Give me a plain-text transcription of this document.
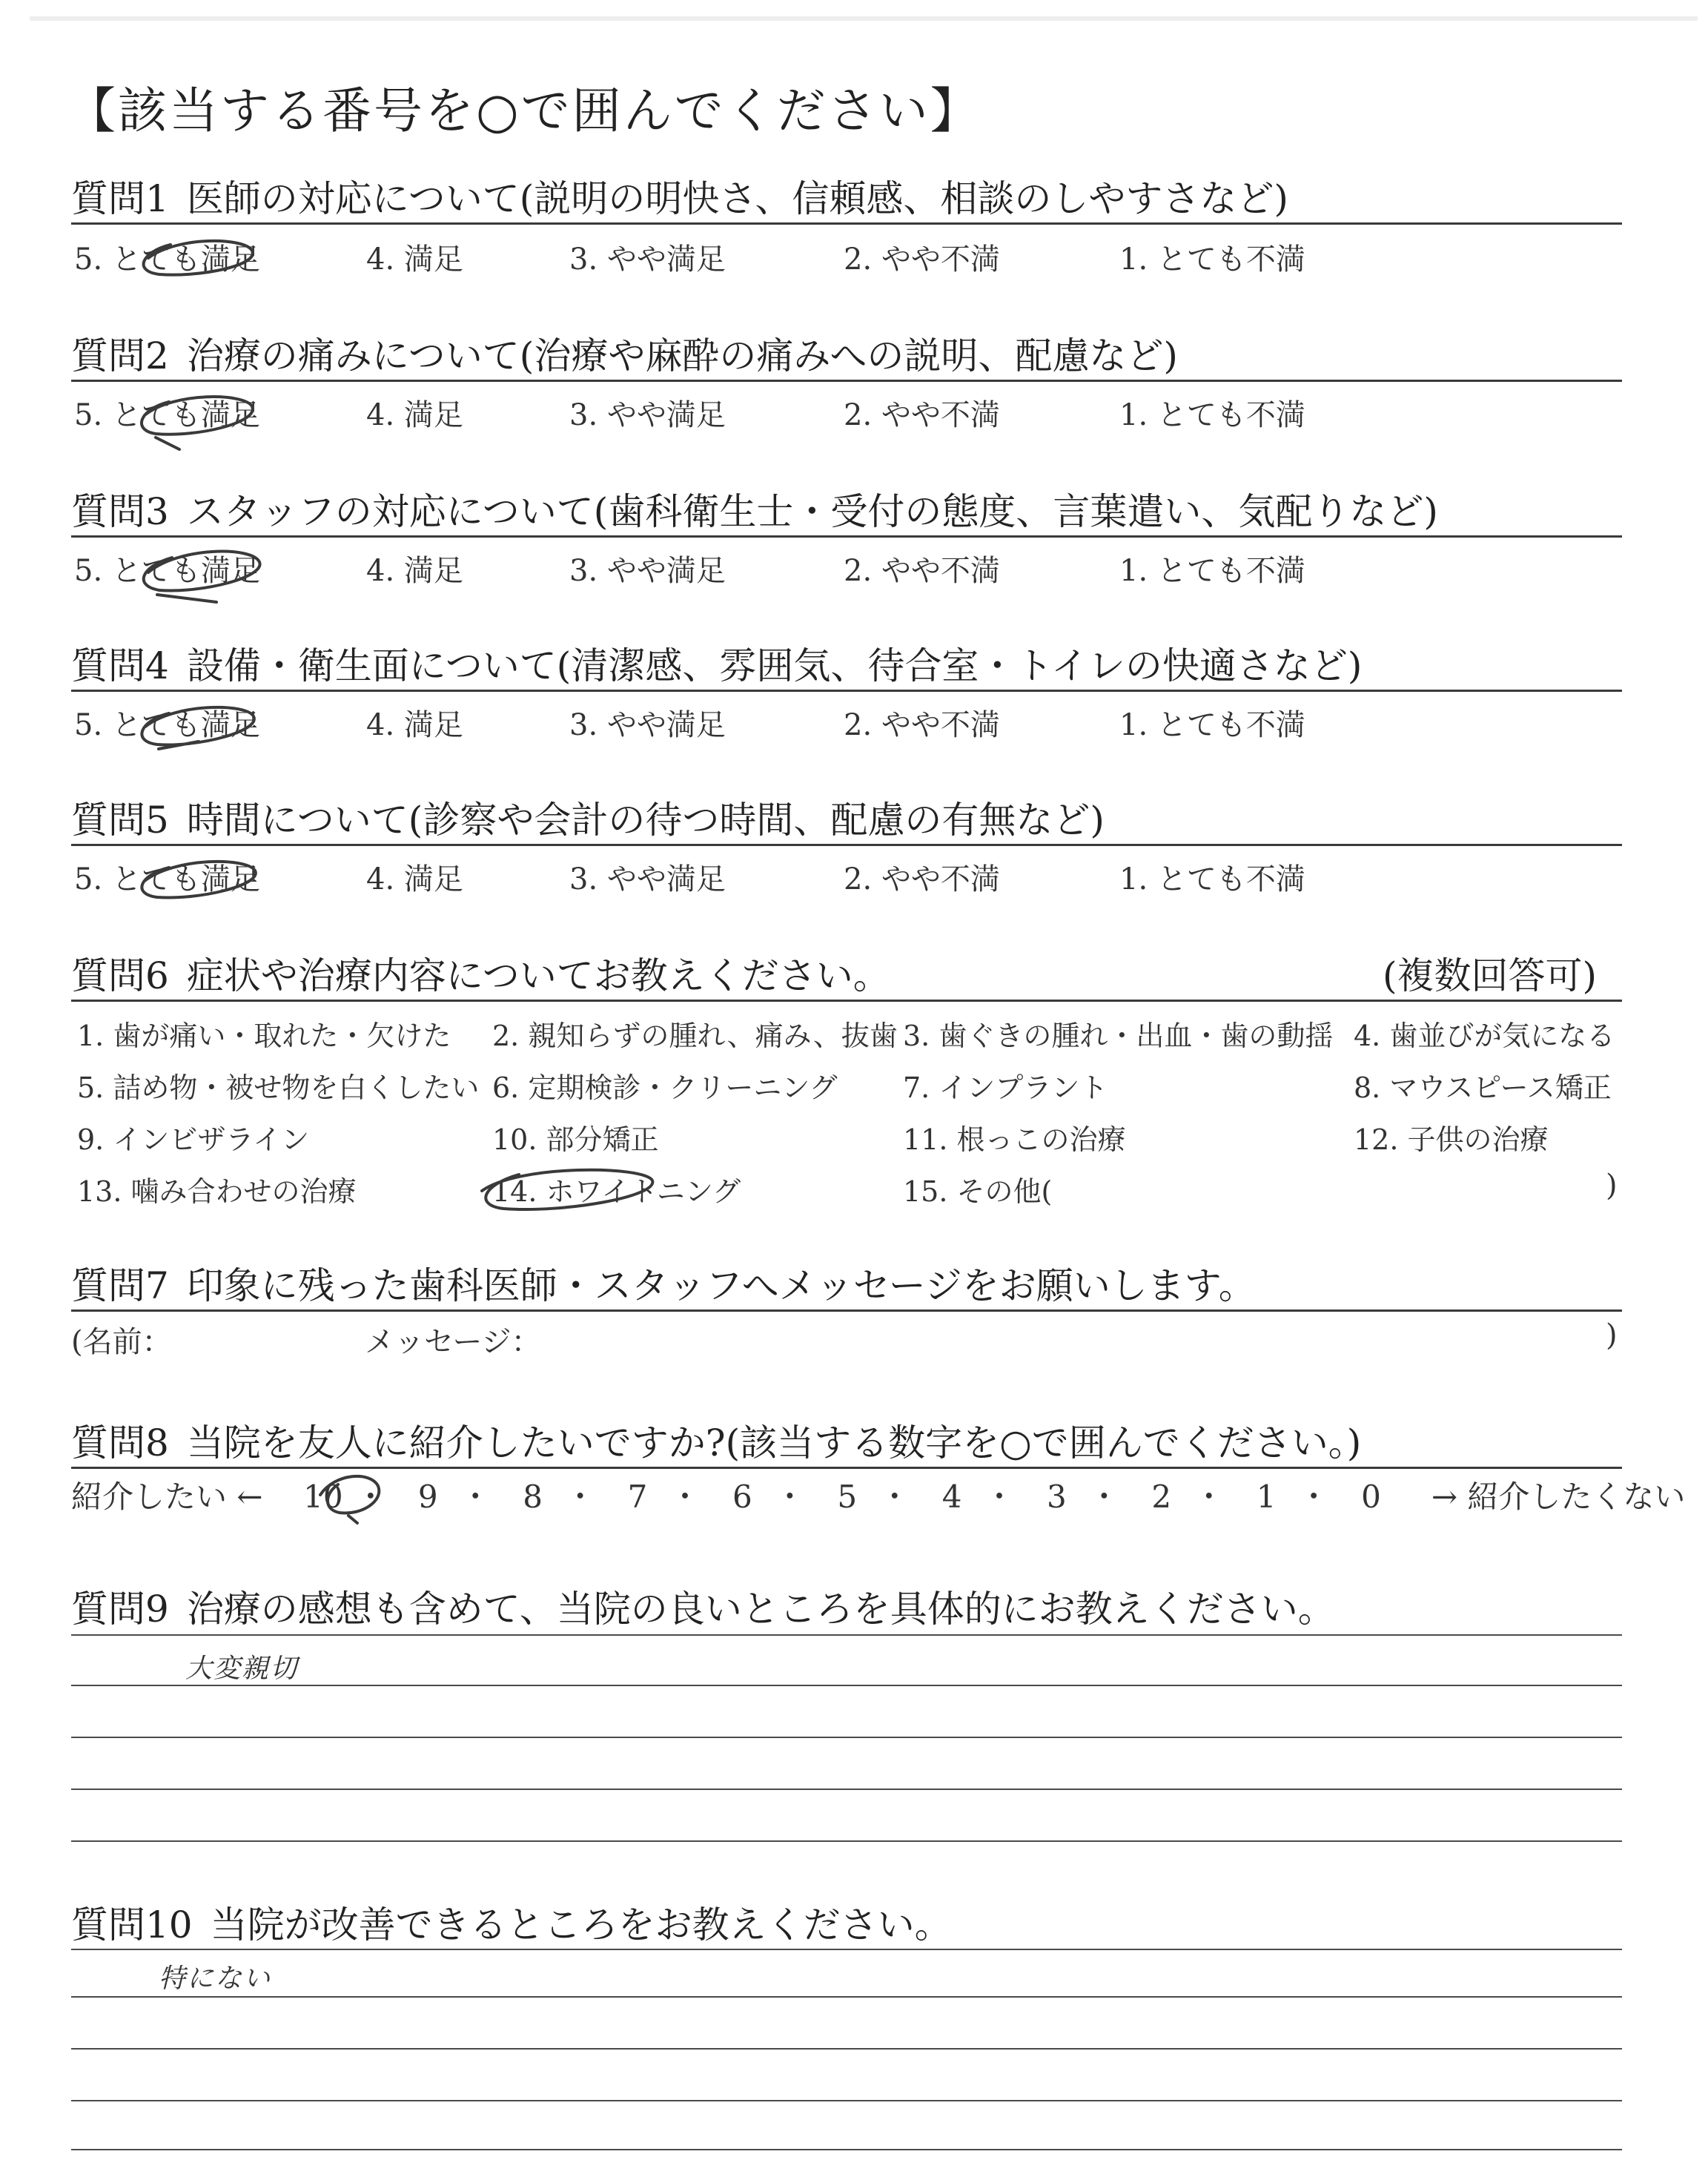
【該当する番号を○で囲んでください】
質問1 医師の対応について(説明の明快さ、信頼感、相談のしやすさなど)
5. とても満足	4. 満足	3. やや満足	2. やや不満	1. とても不満
質問2 治療の痛みについて(治療や麻酔の痛みへの説明、配慮など)
5. とても満足	4. 満足	3. やや満足	2. やや不満	1. とても不満
質問3 スタッフの対応について(歯科衛生士・受付の態度、言葉遣い、気配りなど)
5. とても満足	4. 満足	3. やや満足	2. やや不満	1. とても不満
質問4 設備・衛生面について(清潔感、雰囲気、待合室・トイレの快適さなど)
5. とても満足	4. 満足	3. やや満足	2. やや不満	1. とても不満
質問5 時間について(診察や会計の待つ時間、配慮の有無など)
5. とても満足	4. 満足	3. やや満足	2. やや不満	1. とても不満
質問6 症状や治療内容についてお教えください。	(複数回答可)
1. 歯が痛い・取れた・欠けた 2. 親知らずの腫れ、痛み、抜歯 3. 歯ぐきの腫れ・出血・歯の動揺 4. 歯並びが気になる
5. 詰め物・被せ物を白くしたい 6. 定期検診・クリーニング 7. インプラント	8. マウスピース矯正
9. インビザライン	10. 部分矯正	11. 根っこの治療	12. 子供の治療
13. 噛み合わせの治療	14. ホワイトニング	15. その他(	)
質問7 印象に残った歯科医師・スタッフへメッセージをお願いします。
(名前：	メッセージ：	)
質問8 当院を友人に紹介したいですか?(該当する数字を○で囲んでください。)
紹介したい ← 10 ・ 9 ・ 8 ・ 7 ・ 6 ・ 5 ・ 4 ・ 3 ・ 2 ・ 1 ・ 0 → 紹介したくない
質問9 治療の感想も含めて、当院の良いところを具体的にお教えください。
大変親切
質問10 当院が改善できるところをお教えください。
特にない
